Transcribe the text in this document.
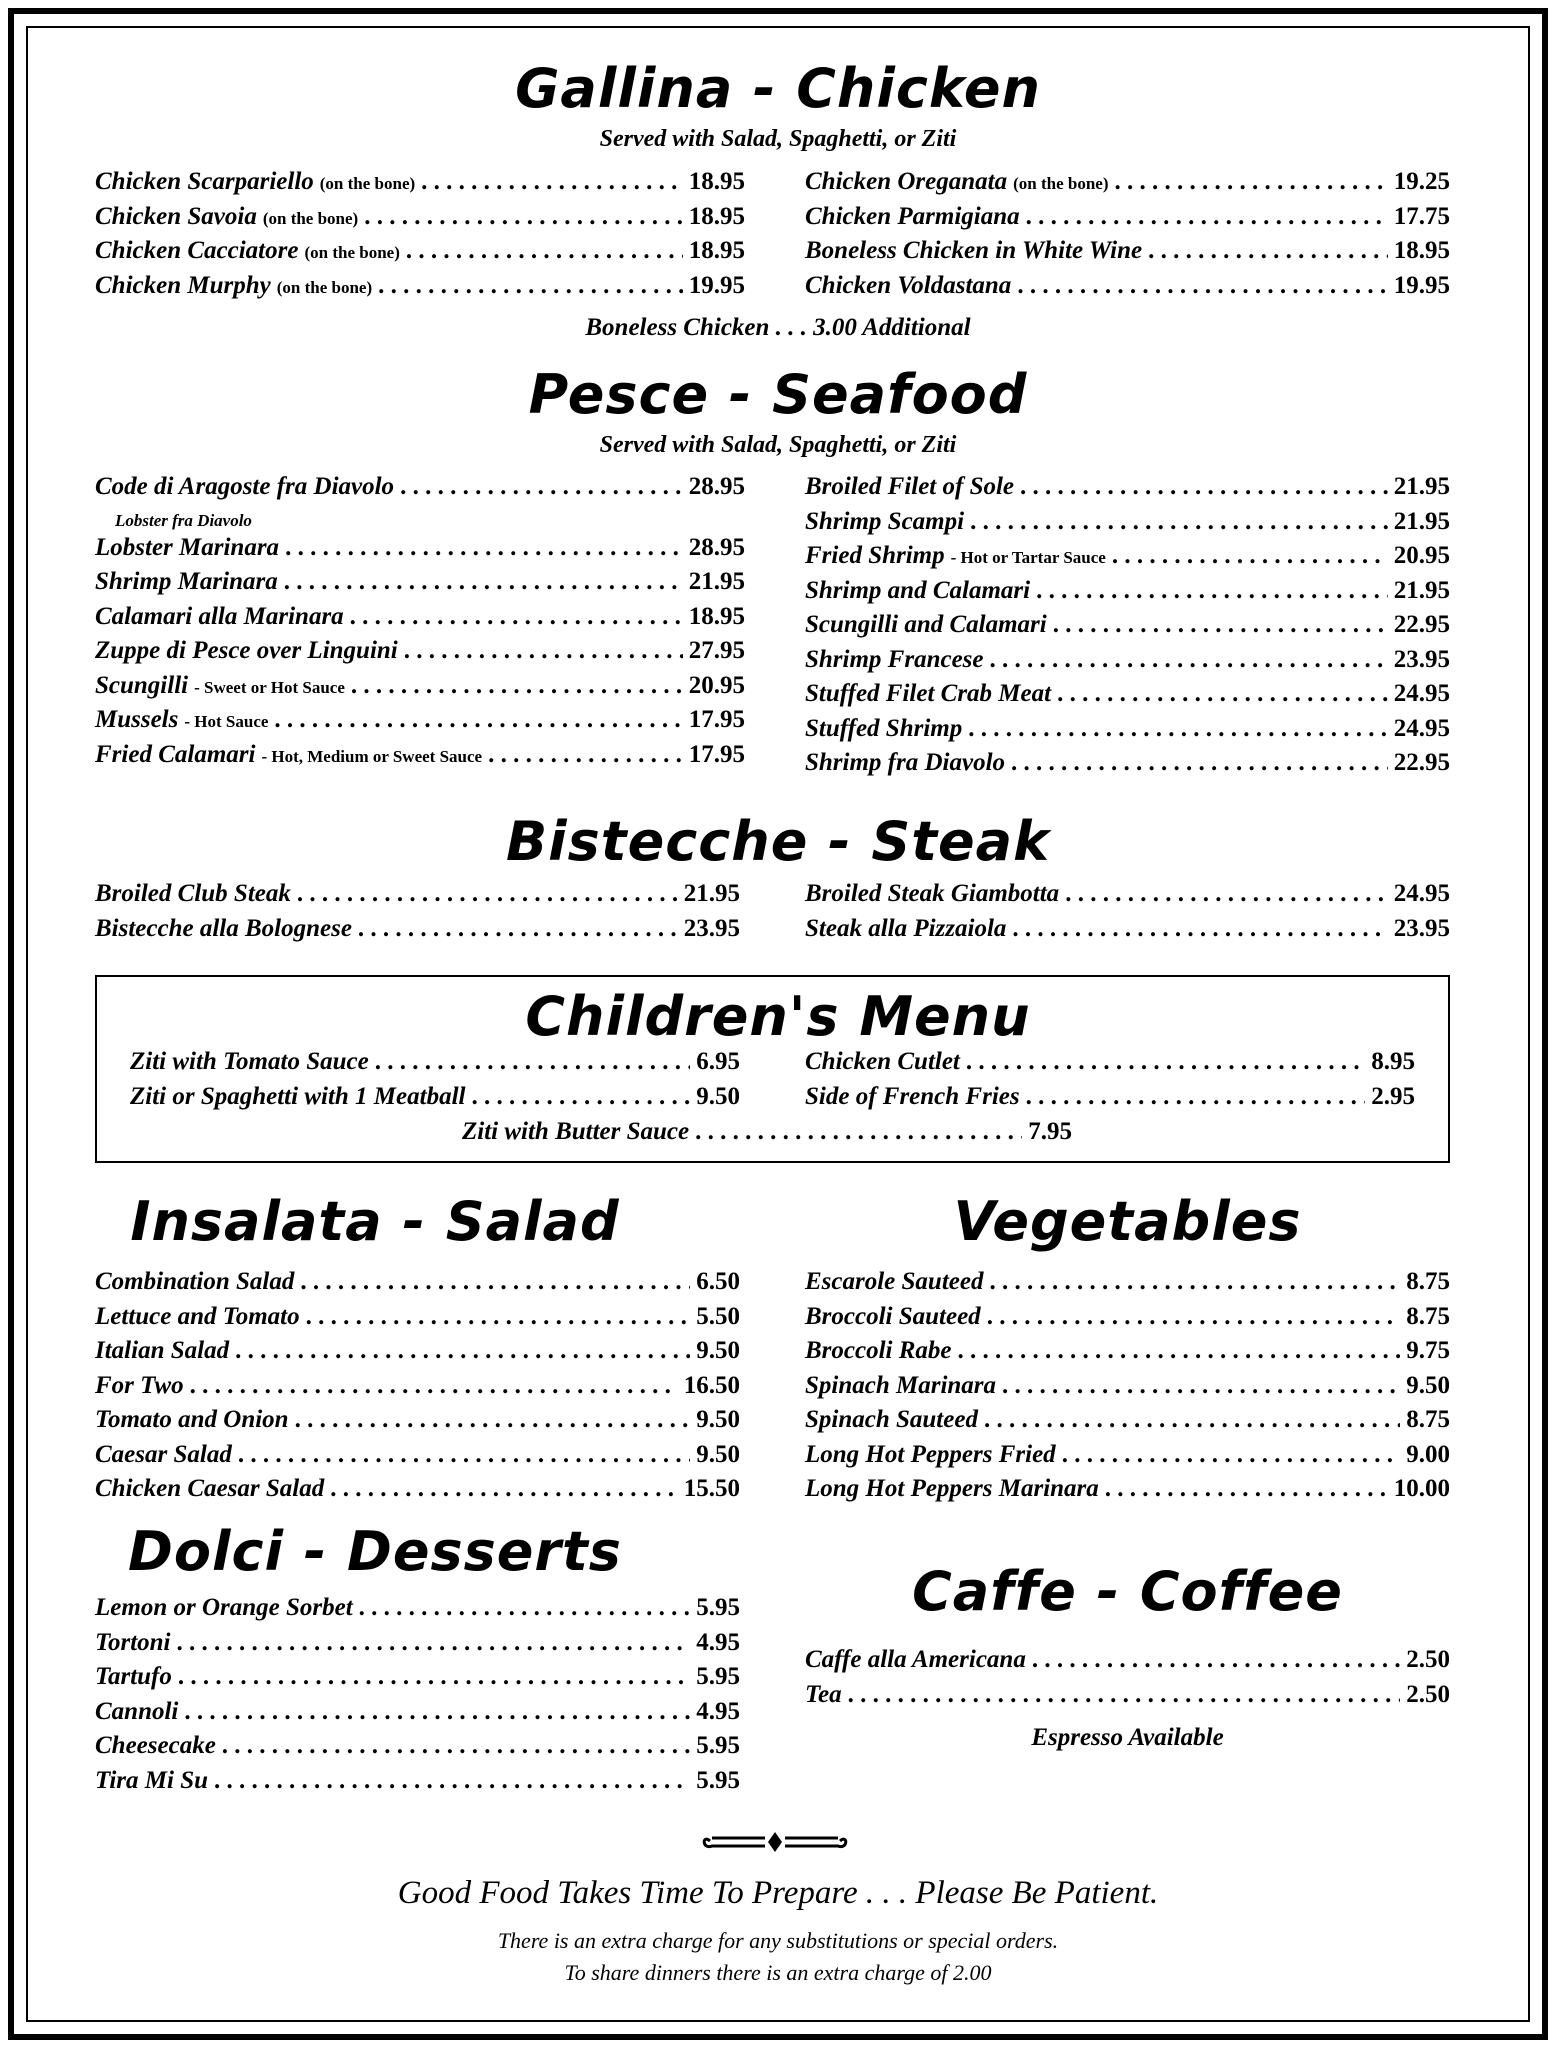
Gallina - Chicken
Served with Salad, Spaghetti, or Ziti
Chicken Scarpariello (on the bone) . . .	18.95
Chicken Savoia (on the bone) . . .	18.95
Chicken Cacciatore (on the bone) . . .	18.95
Chicken Murphy (on the bone) . . .	19.95
Chicken Oreganata (on the bone) . . .	19.25
Chicken Parmigiana . . .	17.75
Boneless Chicken in White Wine . . .	18.95
Chicken Voldastana . . .	19.95
Boneless Chicken . . . 3.00 Additional
Pesce - Seafood
Served with Salad, Spaghetti, or Ziti
Code di Aragoste fra Diavolo . . .	28.95
Lobster fra Diavolo
Lobster Marinara . . .	28.95
Shrimp Marinara . . .	21.95
Calamari alla Marinara . . .	18.95
Zuppe di Pesce over Linguini . . .	27.95
Scungilli - Sweet or Hot Sauce . . .	20.95
Mussels - Hot Sauce . . .	17.95
Fried Calamari - Hot, Medium or Sweet Sauce . . .	17.95
Broiled Filet of Sole . . .	21.95
Shrimp Scampi . . .	21.95
Fried Shrimp - Hot or Tartar Sauce . . .	20.95
Shrimp and Calamari . . .	21.95
Scungilli and Calamari . . .	22.95
Shrimp Francese . . .	23.95
Stuffed Filet Crab Meat . . .	24.95
Stuffed Shrimp . . .	24.95
Shrimp fra Diavolo . . .	22.95
Bistecche - Steak
Broiled Club Steak . . .	21.95
Bistecche alla Bolognese . . .	23.95
Broiled Steak Giambotta . . .	24.95
Steak alla Pizzaiola . . .	23.95
Children's Menu
Ziti with Tomato Sauce . . .	6.95
Ziti or Spaghetti with 1 Meatball . . .	9.50
Chicken Cutlet . . .	8.95
Side of French Fries . . .	2.95
Ziti with Butter Sauce . . .	7.95
Insalata - Salad
Combination Salad . . .	6.50
Lettuce and Tomato . . .	5.50
Italian Salad . . .	9.50
For Two . . .	16.50
Tomato and Onion . . .	9.50
Caesar Salad . . .	9.50
Chicken Caesar Salad . . .	15.50
Vegetables
Escarole Sauteed . . .	8.75
Broccoli Sauteed . . .	8.75
Broccoli Rabe . . .	9.75
Spinach Marinara . . .	9.50
Spinach Sauteed . . .	8.75
Long Hot Peppers Fried . . .	9.00
Long Hot Peppers Marinara . . .	10.00
Dolci - Desserts
Lemon or Orange Sorbet . . .	5.95
Tortoni . . .	4.95
Tartufo . . .	5.95
Cannoli . . .	4.95
Cheesecake . . .	5.95
Tira Mi Su . . .	5.95
Caffe - Coffee
Caffe alla Americana . . .	2.50
Tea . . .	2.50
Espresso Available
Good Food Takes Time To Prepare . . . Please Be Patient.
There is an extra charge for any substitutions or special orders.
To share dinners there is an extra charge of 2.00
